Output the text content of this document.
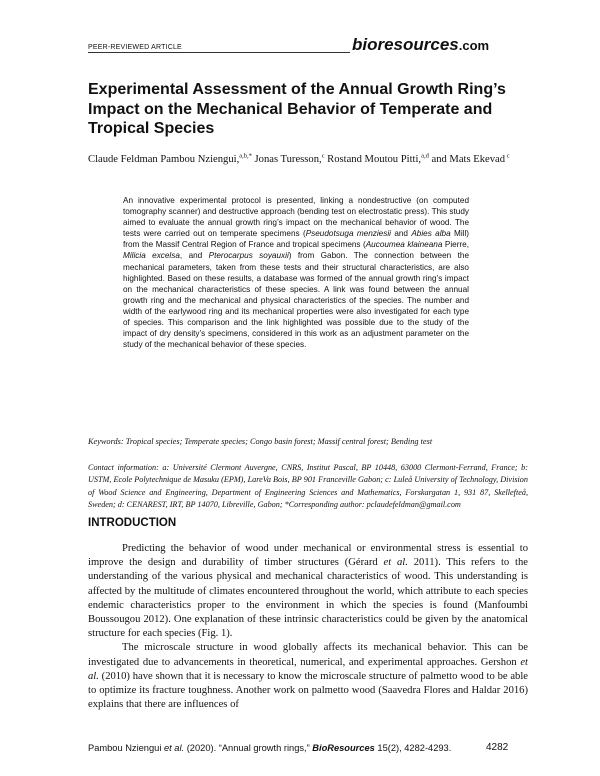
PEER-REVIEWED ARTICLE	bioresources.com
Experimental Assessment of the Annual Growth Ring’s Impact on the Mechanical Behavior of Temperate and Tropical Species
Claude Feldman Pambou Nziengui,$^{a,b,*}$ Jonas Turesson,$^c$ Rostand Moutou Pitti,$^{a,d}$ and Mats Ekevad $^c$
An innovative experimental protocol is presented, linking a nondestructive (on computed tomography scanner) and destructive approach (bending test on electrostatic press). This study aimed to evaluate the annual growth ring’s impact on the mechanical behavior of wood. The tests were carried out on temperate specimens (Pseudotsuga menziesii and Abies alba Mill) from the Massif Central Region of France and tropical specimens (Aucoumea klaineana Pierre, Milicia excelsa, and Pterocarpus soyauxii) from Gabon. The connection between the mechanical parameters, taken from these tests and their structural characteristics, are also highlighted. Based on these results, a database was formed of the annual growth ring’s impact on the mechanical characteristics of these species. A link was found between the annual growth ring and the mechanical and physical characteristics of the species. The number and width of the earlywood ring and its mechanical properties were also investigated for each type of species. This comparison and the link highlighted was possible due to the study of the impact of dry density’s specimens, considered in this work as an adjustment parameter on the study of the mechanical behavior of these species.
Keywords: Tropical species; Temperate species; Congo basin forest; Massif central forest; Bending test
Contact information: a: Université Clermont Auvergne, CNRS, Institut Pascal, BP 10448, 63000 Clermont-Ferrand, France; b: USTM, Ecole Polytechnique de Masuku (EPM), LareVa Bois, BP 901 Franceville Gabon; c: Luleå University of Technology, Division of Wood Science and Engineering, Department of Engineering Sciences and Mathematics, Forskargatan 1, 931 87, Skellefteå, Sweden; d: CENAREST, IRT, BP 14070, Libreville, Gabon; *Corresponding author: pclaudefeldman@gmail.com
INTRODUCTION

Predicting the behavior of wood under mechanical or environmental stress is essential to improve the design and durability of timber structures (Gérard et al. 2011). This refers to the understanding of the various physical and mechanical characteristics of wood. This understanding is affected by the multitude of climates encountered throughout the world, which attribute to each species endemic characteristics proper to the environment in which the species is found (Manfoumbi Boussougou 2012). One explanation of these intrinsic characteristics could be given by the anatomical structure for each species (Fig. 1).

The microscale structure in wood globally affects its mechanical behavior. This can be investigated due to advancements in theoretical, numerical, and experimental approaches. Gershon et al. (2010) have shown that it is necessary to know the microscale structure of palmetto wood to be able to optimize its fracture toughness. Another work on palmetto wood (Saavedra Flores and Haldar 2016) explains that there are influences of

Pambou Nziengui et al. (2020). “Annual growth rings,” BioResources 15(2), 4282-4293.	4282
